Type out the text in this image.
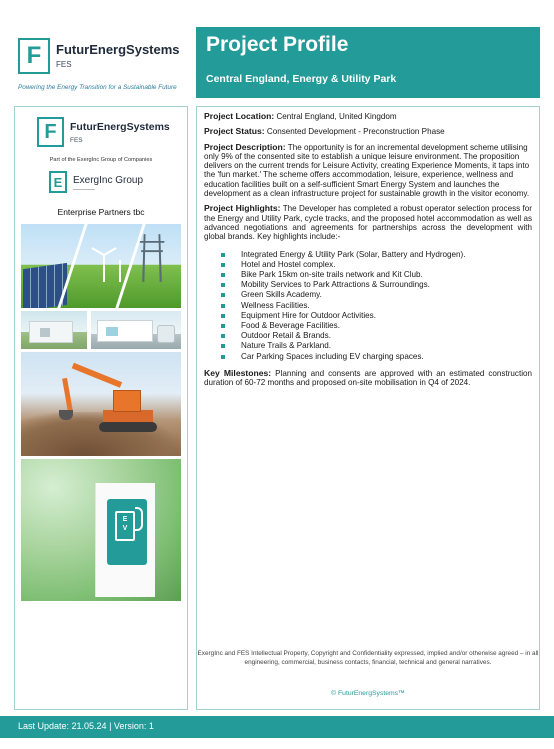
F FuturEnergSystems
FES
Powering the Energy Transition for a Sustainable Future
Project Profile
Central England, Energy & Utility Park
F FuturEnergSystems
FES
Part of the ExergInc Group of Companies
E ExergInc Group
Enterprise Partners tbc
E V

Project Location: Central England, United Kingdom

Project Status: Consented Development - Preconstruction Phase

Project Description: The opportunity is for an incremental development scheme utilising only 9% of the consented site to establish a unique leisure environment. The proposition delivers on the current trends for Leisure Activity, creating Experience Moments, it taps into the 'fun market.' The scheme offers accommodation, leisure, experience, wellness and education facilities built on a self-sufficient Smart Energy System and launches the development as a clean infrastructure project for sustainable growth in the visitor economy.

Project Highlights: The Developer has completed a robust operator selection process for the Energy and Utility Park, cycle tracks, and the proposed hotel accommodation as well as advanced negotiations and agreements for partnerships across the development with global brands. Key highlights include:-

Integrated Energy & Utility Park (Solar, Battery and Hydrogen).
Hotel and Hostel complex.
Bike Park 15km on-site trails network and Kit Club.
Mobility Services to Park Attractions & Surroundings.
Green Skills Academy.
Wellness Facilities.
Equipment Hire for Outdoor Activities.
Food & Beverage Facilities.
Outdoor Retail & Brands.
Nature Trails & Parkland.
Car Parking Spaces including EV charging spaces.

Key Milestones: Planning and consents are approved with an estimated construction duration of 60-72 months and proposed on-site mobilisation in Q4 of 2024.

ExergInc and FES Intellectual Property, Copyright and Confidentiality expressed, implied and/or otherwise agreed – in all engineering, commercial, business contacts, financial, technical and general narratives.
© FuturEnergSystems™
Last Update: 21.05.24 | Version: 1
